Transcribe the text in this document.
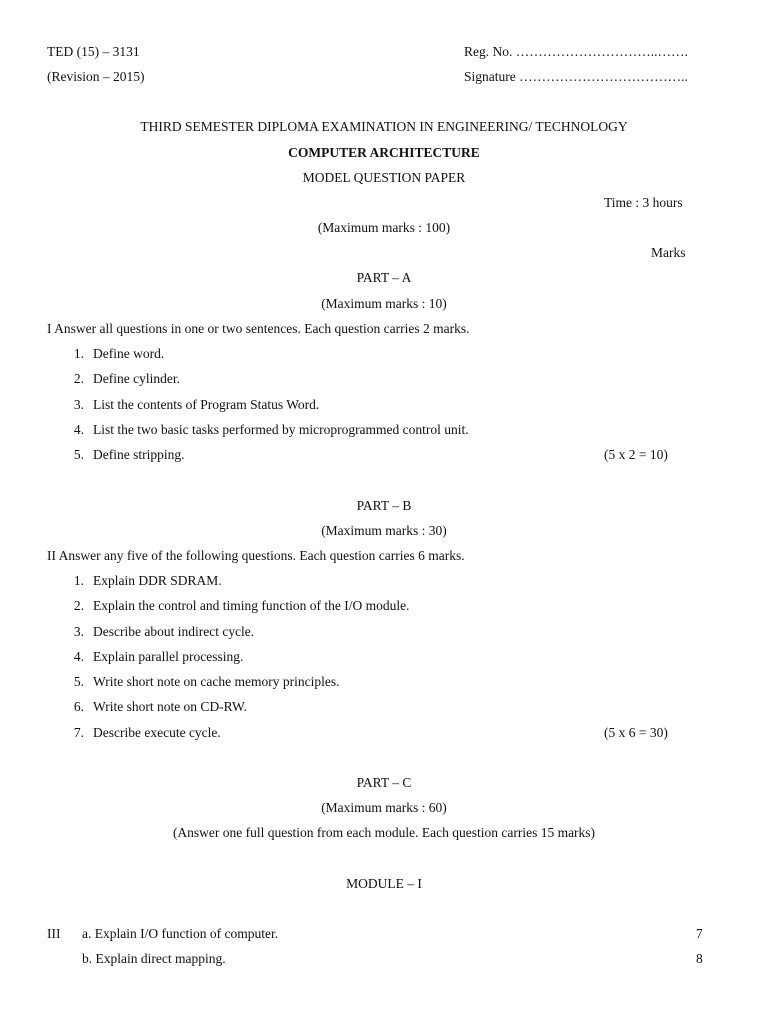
TED (15) – 3131
(Revision – 2015)
Reg. No. …………………………..…….
Signature ………………………………..
THIRD SEMESTER DIPLOMA EXAMINATION IN ENGINEERING/ TECHNOLOGY
COMPUTER ARCHITECTURE
MODEL QUESTION PAPER
Time : 3 hours
(Maximum marks : 100)
Marks
PART – A
(Maximum marks : 10)
I Answer all questions in one or two sentences. Each question carries 2 marks.
1. Define word.
2. Define cylinder.
3. List the contents of Program Status Word.
4. List the two basic tasks performed by microprogrammed control unit.
5. Define stripping.	(5 x 2 = 10)
PART – B
(Maximum marks : 30)
II Answer any five of the following questions. Each question carries 6 marks.
1. Explain DDR SDRAM.
2. Explain the control and timing function of the I/O module.
3. Describe about indirect cycle.
4. Explain parallel processing.
5. Write short note on cache memory principles.
6. Write short note on CD-RW.
7. Describe execute cycle.	(5 x 6 = 30)
PART – C
(Maximum marks : 60)
(Answer one full question from each module. Each question carries 15 marks)
MODULE – I
III a. Explain I/O function of computer.	7
b. Explain direct mapping.	8
